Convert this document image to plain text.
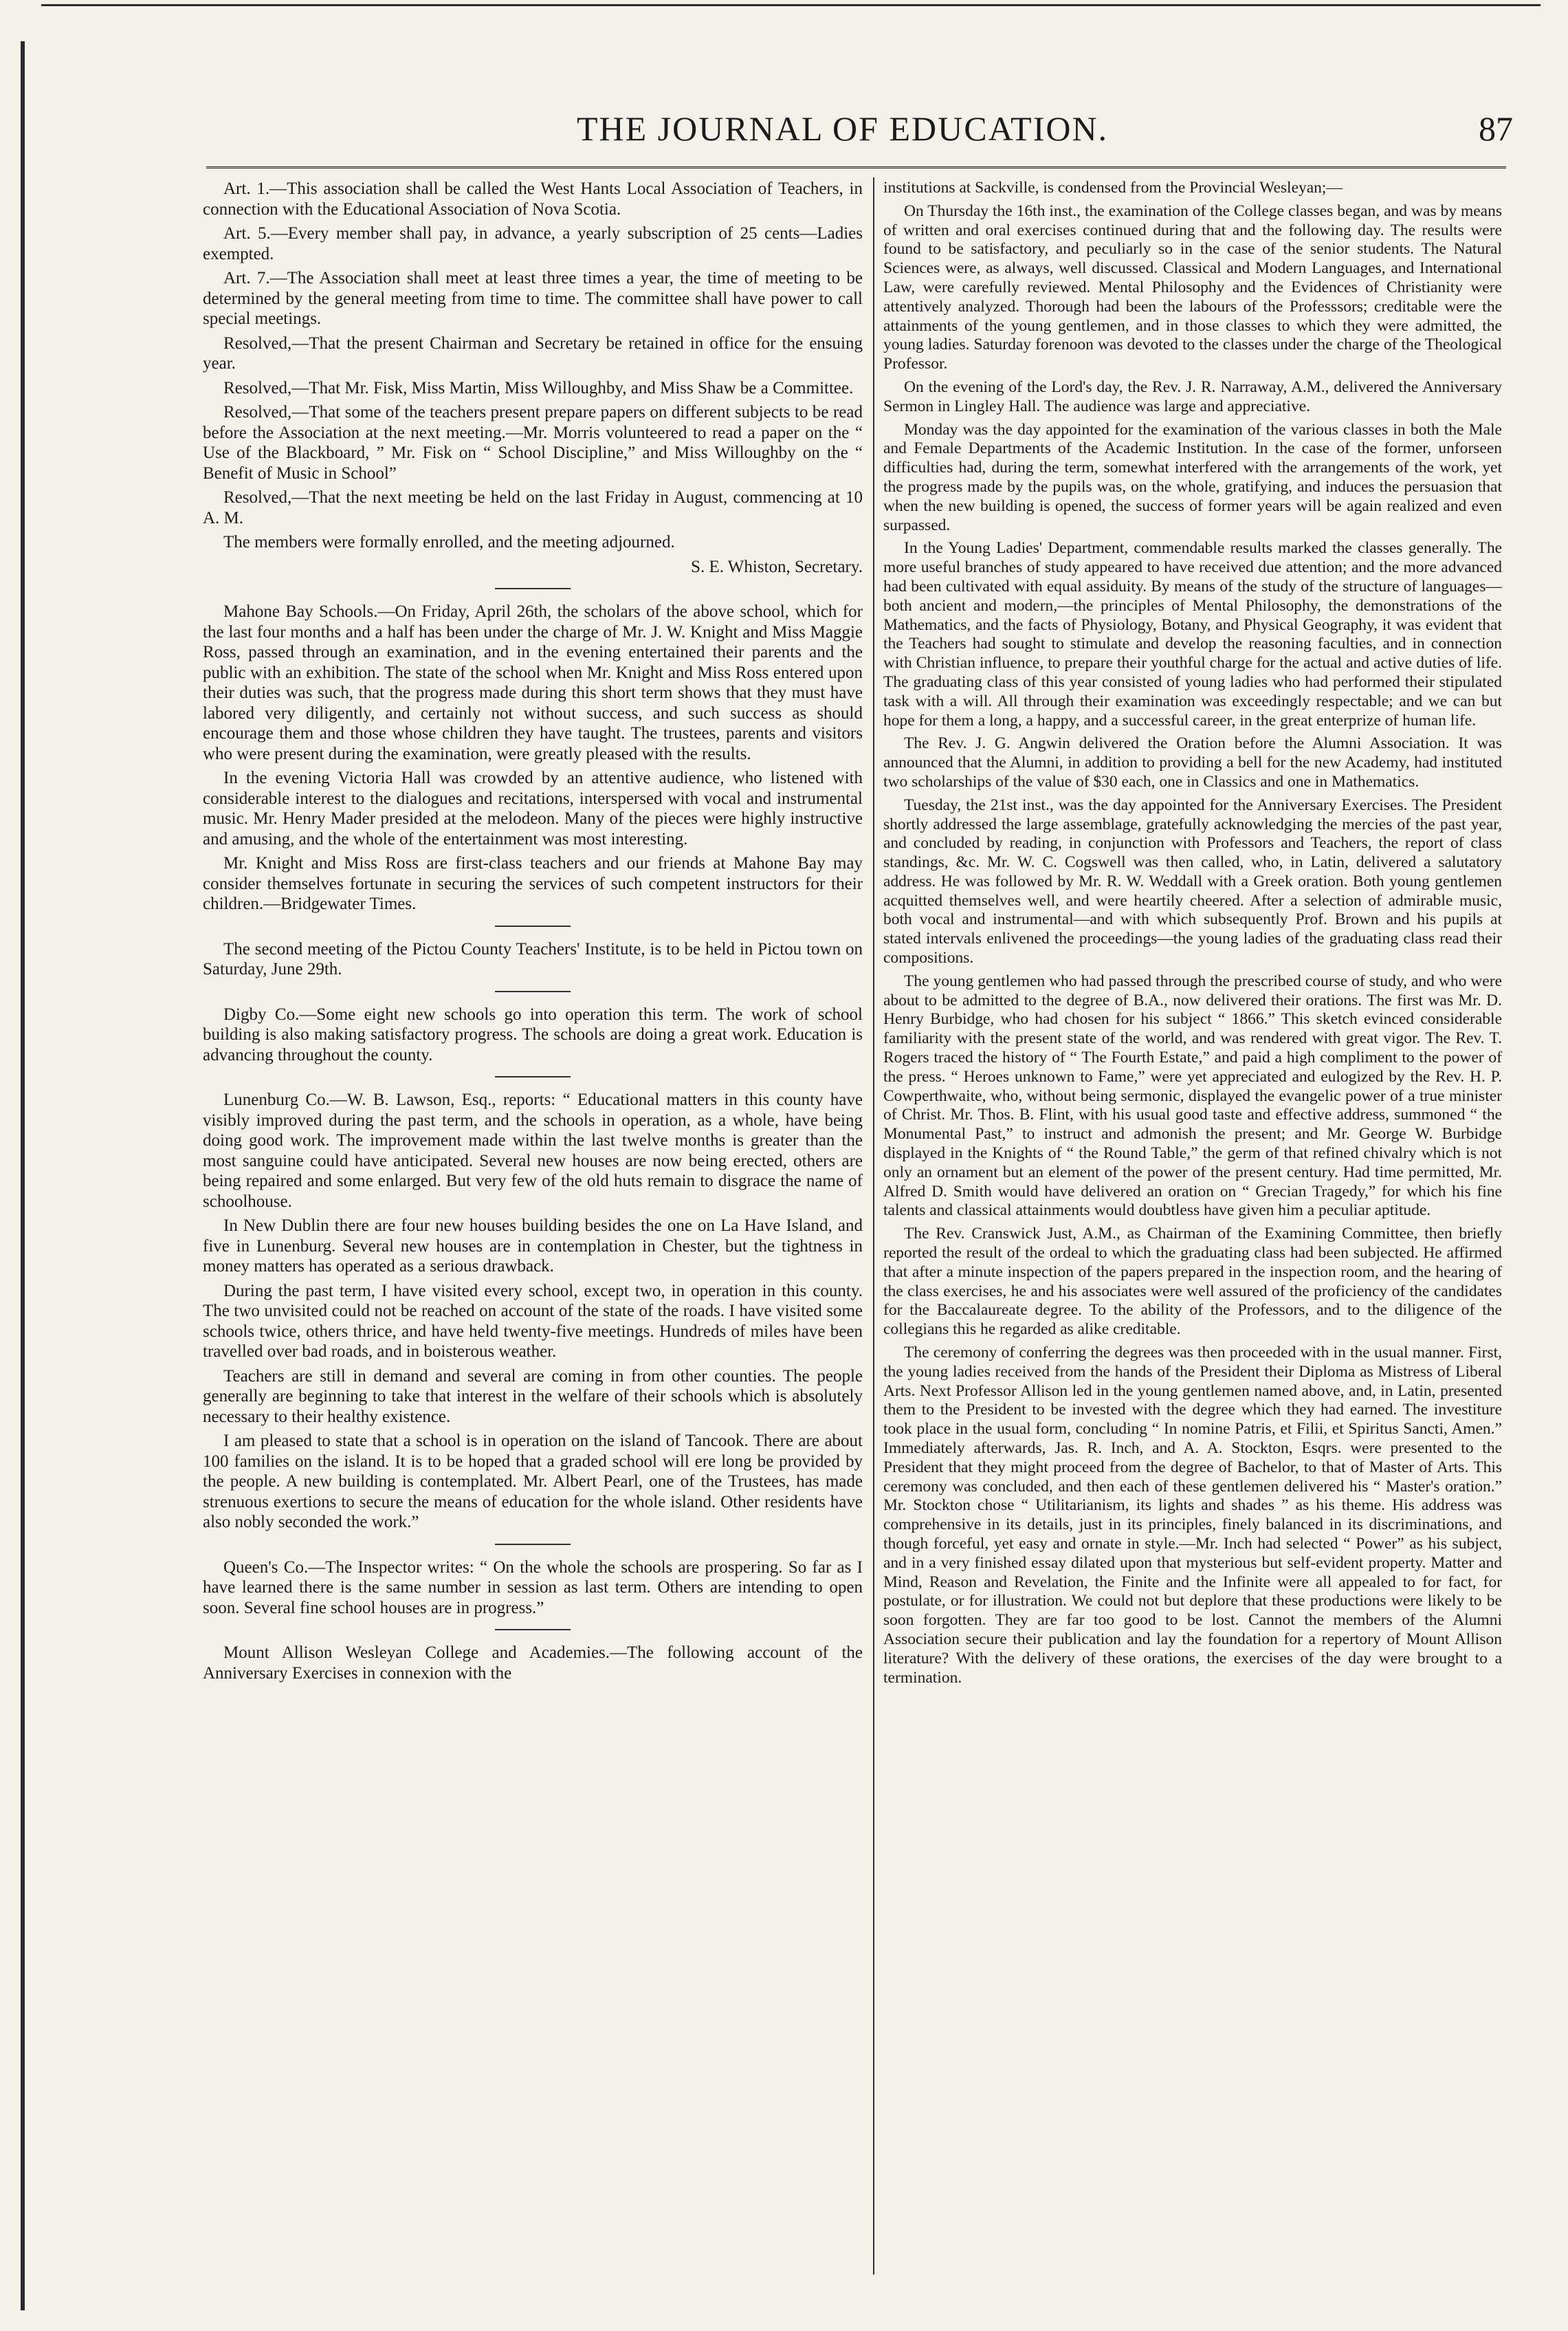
THE JOURNAL OF EDUCATION.	87

Art. 1.—This association shall be called the West Hants Local Association of Teachers, in connection with the Educational Association of Nova Scotia.

Art. 5.—Every member shall pay, in advance, a yearly subscription of 25 cents—Ladies exempted.

Art. 7.—The Association shall meet at least three times a year, the time of meeting to be determined by the general meeting from time to time. The committee shall have power to call special meetings.

Resolved,—That the present Chairman and Secretary be retained in office for the ensuing year.

Resolved,—That Mr. Fisk, Miss Martin, Miss Willoughby, and Miss Shaw be a Committee.

Resolved,—That some of the teachers present prepare papers on different subjects to be read before the Association at the next meeting.—Mr. Morris volunteered to read a paper on the “ Use of the Blackboard, ” Mr. Fisk on “ School Discipline,” and Miss Willoughby on the “ Benefit of Music in School”

Resolved,—That the next meeting be held on the last Friday in August, commencing at 10 A. M.

The members were formally enrolled, and the meeting adjourned.

S. E. Whiston, Secretary.

Mahone Bay Schools.—On Friday, April 26th, the scholars of the above school, which for the last four months and a half has been under the charge of Mr. J. W. Knight and Miss Maggie Ross, passed through an examination, and in the evening entertained their parents and the public with an exhibition. The state of the school when Mr. Knight and Miss Ross entered upon their duties was such, that the progress made during this short term shows that they must have labored very diligently, and certainly not without success, and such success as should encourage them and those whose children they have taught. The trustees, parents and visitors who were present during the examination, were greatly pleased with the results.

In the evening Victoria Hall was crowded by an attentive audience, who listened with considerable interest to the dialogues and recitations, interspersed with vocal and instrumental music. Mr. Henry Mader presided at the melodeon. Many of the pieces were highly instructive and amusing, and the whole of the entertainment was most interesting.

Mr. Knight and Miss Ross are first-class teachers and our friends at Mahone Bay may consider themselves fortunate in securing the services of such competent instructors for their children.—Bridgewater Times.

The second meeting of the Pictou County Teachers' Institute, is to be held in Pictou town on Saturday, June 29th.

Digby Co.—Some eight new schools go into operation this term. The work of school building is also making satisfactory progress. The schools are doing a great work. Education is advancing throughout the county.

Lunenburg Co.—W. B. Lawson, Esq., reports: “ Educational matters in this county have visibly improved during the past term, and the schools in operation, as a whole, have being doing good work. The improvement made within the last twelve months is greater than the most sanguine could have anticipated. Several new houses are now being erected, others are being repaired and some enlarged. But very few of the old huts remain to disgrace the name of schoolhouse.

In New Dublin there are four new houses building besides the one on La Have Island, and five in Lunenburg. Several new houses are in contemplation in Chester, but the tightness in money matters has operated as a serious drawback.

During the past term, I have visited every school, except two, in operation in this county. The two unvisited could not be reached on account of the state of the roads. I have visited some schools twice, others thrice, and have held twenty-five meetings. Hundreds of miles have been travelled over bad roads, and in boisterous weather.

Teachers are still in demand and several are coming in from other counties. The people generally are beginning to take that interest in the welfare of their schools which is absolutely necessary to their healthy existence.

I am pleased to state that a school is in operation on the island of Tancook. There are about 100 families on the island. It is to be hoped that a graded school will ere long be provided by the people. A new building is contemplated. Mr. Albert Pearl, one of the Trustees, has made strenuous exertions to secure the means of education for the whole island. Other residents have also nobly seconded the work.”

Queen's Co.—The Inspector writes: “ On the whole the schools are prospering. So far as I have learned there is the same number in session as last term. Others are intending to open soon. Several fine school houses are in progress.”

Mount Allison Wesleyan College and Academies.—The following account of the Anniversary Exercises in connexion with the

institutions at Sackville, is condensed from the Provincial Wesleyan;—

On Thursday the 16th inst., the examination of the College classes began, and was by means of written and oral exercises continued during that and the following day. The results were found to be satisfactory, and peculiarly so in the case of the senior students. The Natural Sciences were, as always, well discussed. Classical and Modern Languages, and International Law, were carefully reviewed. Mental Philosophy and the Evidences of Christianity were attentively analyzed. Thorough had been the labours of the Professsors; creditable were the attainments of the young gentlemen, and in those classes to which they were admitted, the young ladies. Saturday forenoon was devoted to the classes under the charge of the Theological Professor.

On the evening of the Lord's day, the Rev. J. R. Narraway, A.M., delivered the Anniversary Sermon in Lingley Hall. The audience was large and appreciative.

Monday was the day appointed for the examination of the various classes in both the Male and Female Departments of the Academic Institution. In the case of the former, unforseen difficulties had, during the term, somewhat interfered with the arrangements of the work, yet the progress made by the pupils was, on the whole, gratifying, and induces the persuasion that when the new building is opened, the success of former years will be again realized and even surpassed.

In the Young Ladies' Department, commendable results marked the classes generally. The more useful branches of study appeared to have received due attention; and the more advanced had been cultivated with equal assiduity. By means of the study of the structure of languages—both ancient and modern,—the principles of Mental Philosophy, the demonstrations of the Mathematics, and the facts of Physiology, Botany, and Physical Geography, it was evident that the Teachers had sought to stimulate and develop the reasoning faculties, and in connection with Christian influence, to prepare their youthful charge for the actual and active duties of life. The graduating class of this year consisted of young ladies who had performed their stipulated task with a will. All through their examination was exceedingly respectable; and we can but hope for them a long, a happy, and a successful career, in the great enterprize of human life.

The Rev. J. G. Angwin delivered the Oration before the Alumni Association. It was announced that the Alumni, in addition to providing a bell for the new Academy, had instituted two scholarships of the value of $30 each, one in Classics and one in Mathematics.

Tuesday, the 21st inst., was the day appointed for the Anniversary Exercises. The President shortly addressed the large assemblage, gratefully acknowledging the mercies of the past year, and concluded by reading, in conjunction with Professors and Teachers, the report of class standings, &c. Mr. W. C. Cogswell was then called, who, in Latin, delivered a salutatory address. He was followed by Mr. R. W. Weddall with a Greek oration. Both young gentlemen acquitted themselves well, and were heartily cheered. After a selection of admirable music, both vocal and instrumental—and with which subsequently Prof. Brown and his pupils at stated intervals enlivened the proceedings—the young ladies of the graduating class read their compositions.

The young gentlemen who had passed through the prescribed course of study, and who were about to be admitted to the degree of B.A., now delivered their orations. The first was Mr. D. Henry Burbidge, who had chosen for his subject “ 1866.” This sketch evinced considerable familiarity with the present state of the world, and was rendered with great vigor. The Rev. T. Rogers traced the history of “ The Fourth Estate,” and paid a high compliment to the power of the press. “ Heroes unknown to Fame,” were yet appreciated and eulogized by the Rev. H. P. Cowperthwaite, who, without being sermonic, displayed the evangelic power of a true minister of Christ. Mr. Thos. B. Flint, with his usual good taste and effective address, summoned “ the Monumental Past,” to instruct and admonish the present; and Mr. George W. Burbidge displayed in the Knights of “ the Round Table,” the germ of that refined chivalry which is not only an ornament but an element of the power of the present century. Had time permitted, Mr. Alfred D. Smith would have delivered an oration on “ Grecian Tragedy,” for which his fine talents and classical attainments would doubtless have given him a peculiar aptitude.

The Rev. Cranswick Just, A.M., as Chairman of the Examining Committee, then briefly reported the result of the ordeal to which the graduating class had been subjected. He affirmed that after a minute inspection of the papers prepared in the inspection room, and the hearing of the class exercises, he and his associates were well assured of the proficiency of the candidates for the Baccalaureate degree. To the ability of the Professors, and to the diligence of the collegians this he regarded as alike creditable.

The ceremony of conferring the degrees was then proceeded with in the usual manner. First, the young ladies received from the hands of the President their Diploma as Mistress of Liberal Arts. Next Professor Allison led in the young gentlemen named above, and, in Latin, presented them to the President to be invested with the degree which they had earned. The investiture took place in the usual form, concluding “ In nomine Patris, et Filii, et Spiritus Sancti, Amen.” Immediately afterwards, Jas. R. Inch, and A. A. Stockton, Esqrs. were presented to the President that they might proceed from the degree of Bachelor, to that of Master of Arts. This ceremony was concluded, and then each of these gentlemen delivered his “ Master's oration.” Mr. Stockton chose “ Utilitarianism, its lights and shades ” as his theme. His address was comprehensive in its details, just in its principles, finely balanced in its discriminations, and though forceful, yet easy and ornate in style.—Mr. Inch had selected “ Power” as his subject, and in a very finished essay dilated upon that mysterious but self-evident property. Matter and Mind, Reason and Revelation, the Finite and the Infinite were all appealed to for fact, for postulate, or for illustration. We could not but deplore that these productions were likely to be soon forgotten. They are far too good to be lost. Cannot the members of the Alumni Association secure their publication and lay the foundation for a repertory of Mount Allison literature? With the delivery of these orations, the exercises of the day were brought to a termination.
